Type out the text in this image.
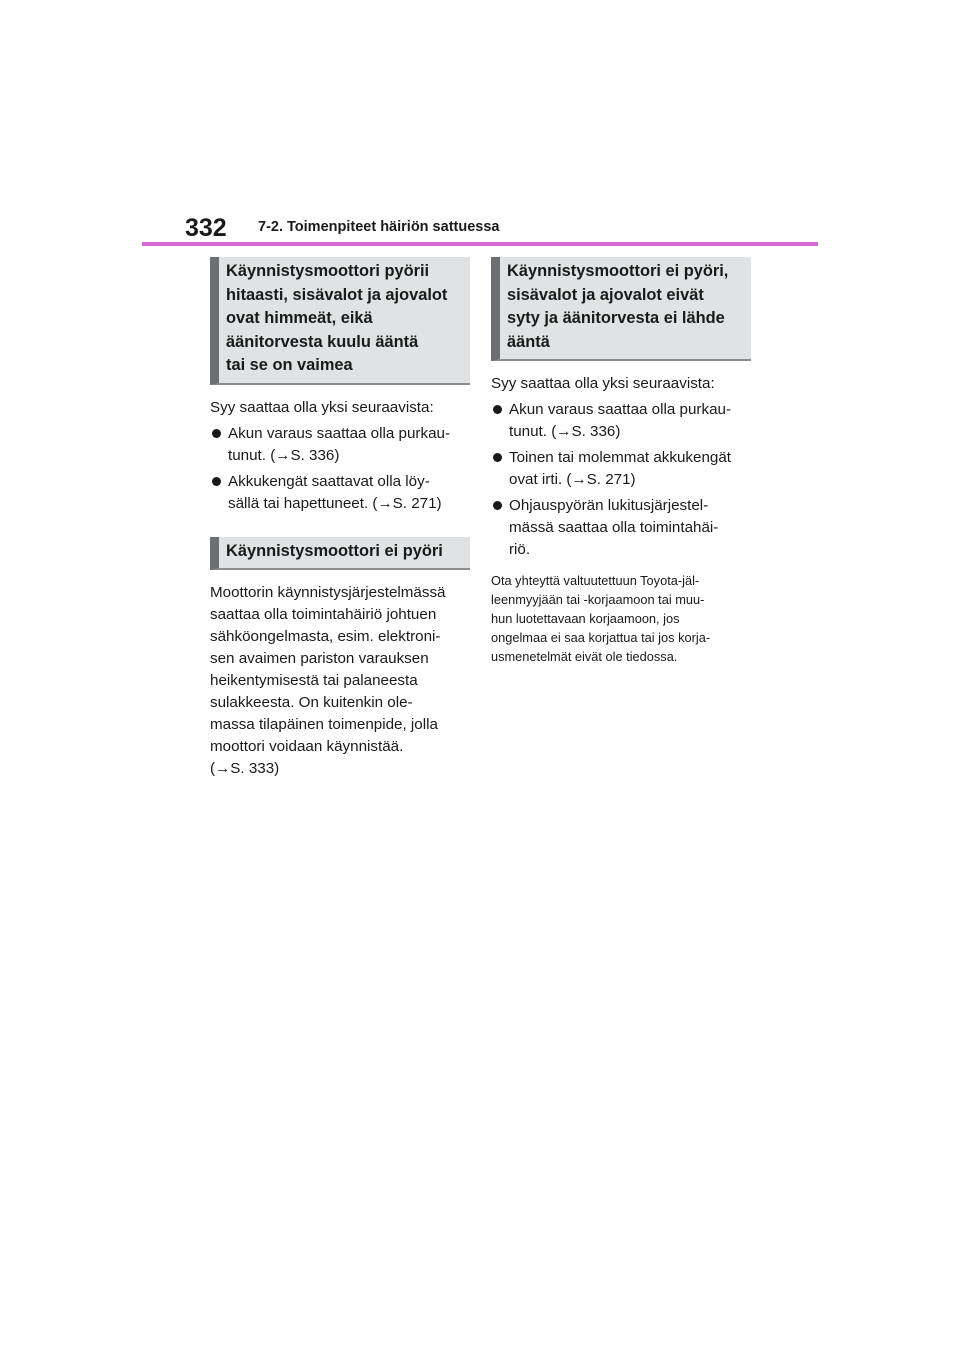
332 7-2. Toimenpiteet häiriön sattuessa
Käynnistysmoottori pyörii
hitaasti, sisävalot ja ajovalot
ovat himmeät, eikä
äänitorvesta kuulu ääntä
tai se on vaimea
Syy saattaa olla yksi seuraavista:
Akun varaus saattaa olla purkau-
tunut. (→S. 336)
Akkukengät saattavat olla löy-
sällä tai hapettuneet. (→S. 271)
Käynnistysmoottori ei pyöri
Moottorin käynnistysjärjestelmässä
saattaa olla toimintahäiriö johtuen
sähköongelmasta, esim. elektroni-
sen avaimen pariston varauksen
heikentymisestä tai palaneesta
sulakkeesta. On kuitenkin ole-
massa tilapäinen toimenpide, jolla
moottori voidaan käynnistää.
(→S. 333)
Käynnistysmoottori ei pyöri,
sisävalot ja ajovalot eivät
syty ja äänitorvesta ei lähde
ääntä
Syy saattaa olla yksi seuraavista:
Akun varaus saattaa olla purkau-
tunut. (→S. 336)
Toinen tai molemmat akkukengät
ovat irti. (→S. 271)
Ohjauspyörän lukitusjärjestel-
mässä saattaa olla toimintahäi-
riö.
Ota yhteyttä valtuutettuun Toyota-jäl-
leenmyyjään tai -korjaamoon tai muu-
hun luotettavaan korjaamoon, jos
ongelmaa ei saa korjattua tai jos korja-
usmenetelmät eivät ole tiedossa.
